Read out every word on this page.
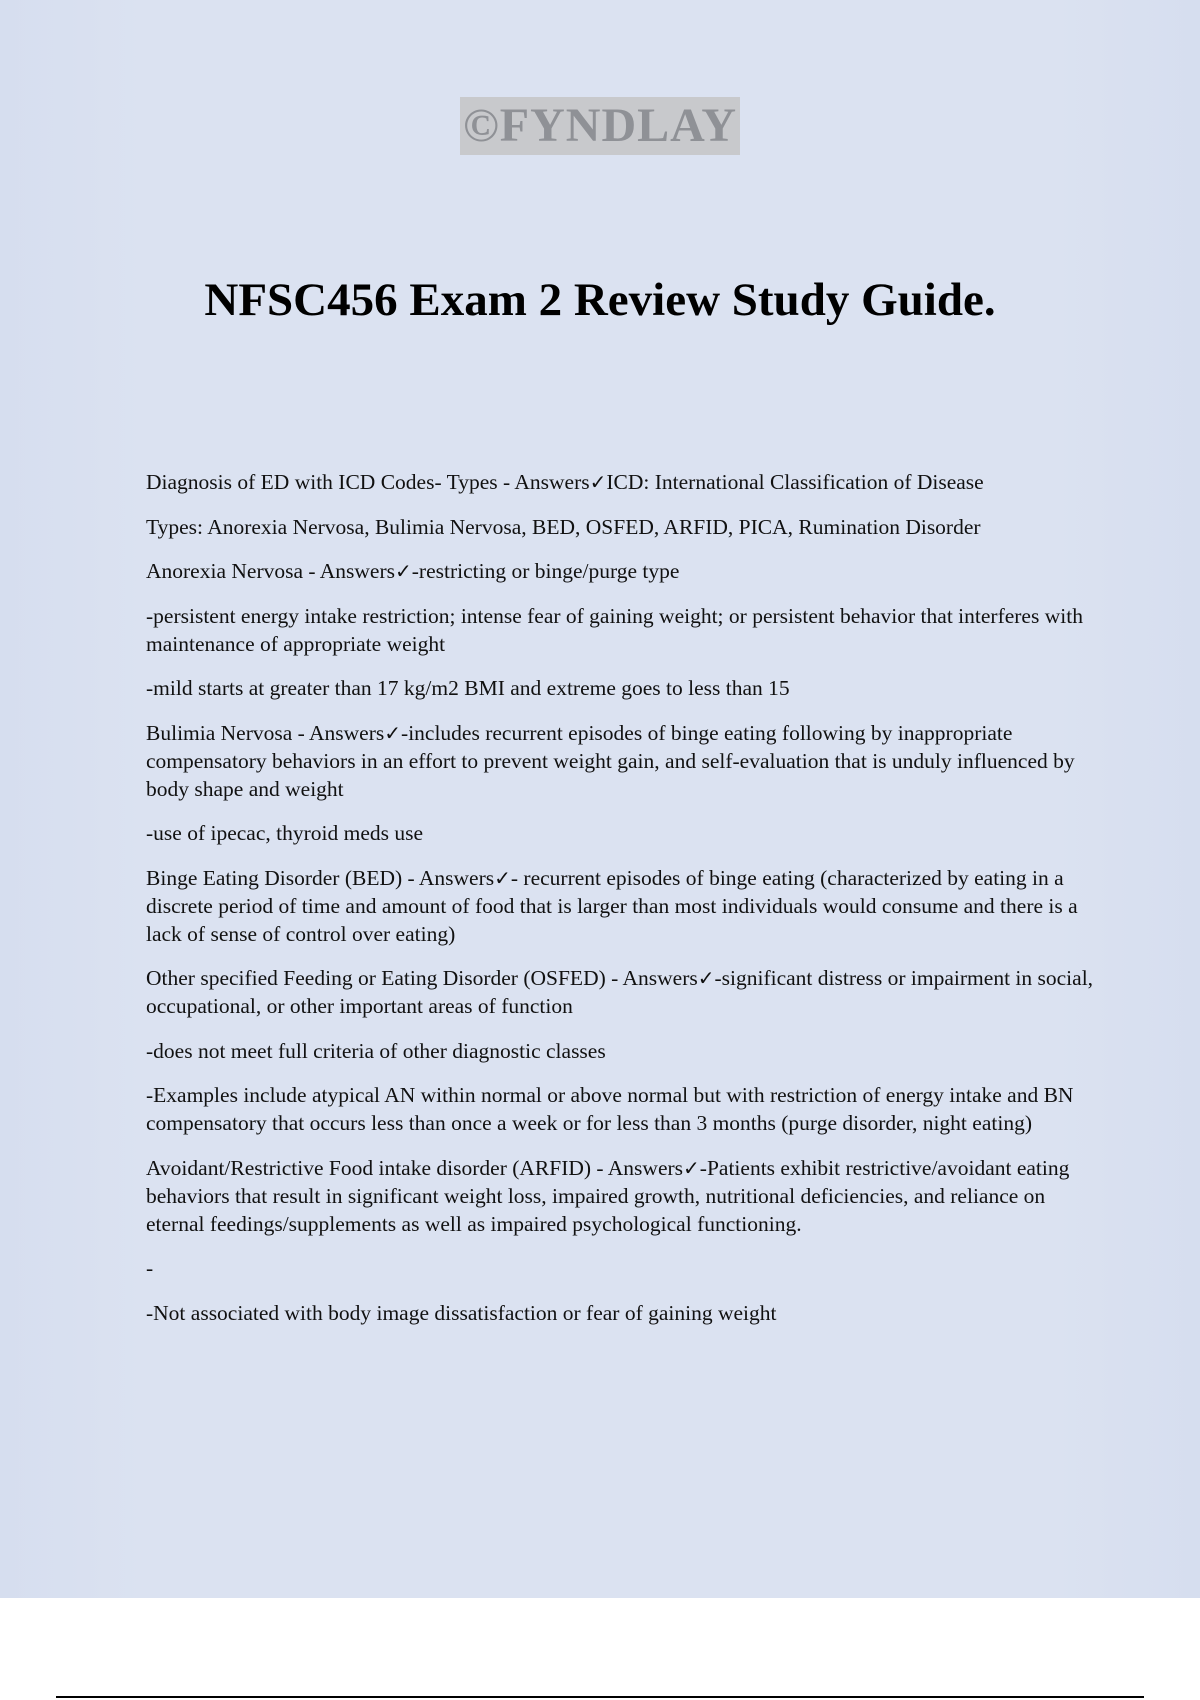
©FYNDLAY
NFSC456 Exam 2 Review Study Guide.

Diagnosis of ED with ICD Codes- Types - Answers✓ICD: International Classification of Disease

Types: Anorexia Nervosa, Bulimia Nervosa, BED, OSFED, ARFID, PICA, Rumination Disorder

Anorexia Nervosa - Answers✓-restricting or binge/purge type

-persistent energy intake restriction; intense fear of gaining weight; or persistent behavior that interferes with maintenance of appropriate weight

-mild starts at greater than 17 kg/m2 BMI and extreme goes to less than 15

Bulimia Nervosa - Answers✓-includes recurrent episodes of binge eating following by inappropriate compensatory behaviors in an effort to prevent weight gain, and self-evaluation that is unduly influenced by body shape and weight

-use of ipecac, thyroid meds use

Binge Eating Disorder (BED) - Answers✓- recurrent episodes of binge eating (characterized by eating in a discrete period of time and amount of food that is larger than most individuals would consume and there is a lack of sense of control over eating)

Other specified Feeding or Eating Disorder (OSFED) - Answers✓-significant distress or impairment in social, occupational, or other important areas of function

-does not meet full criteria of other diagnostic classes

-Examples include atypical AN within normal or above normal but with restriction of energy intake and BN compensatory that occurs less than once a week or for less than 3 months (purge disorder, night eating)

Avoidant/Restrictive Food intake disorder (ARFID) - Answers✓-Patients exhibit restrictive/avoidant eating behaviors that result in significant weight loss, impaired growth, nutritional deficiencies, and reliance on eternal feedings/supplements as well as impaired psychological functioning.

-

-Not associated with body image dissatisfaction or fear of gaining weight
